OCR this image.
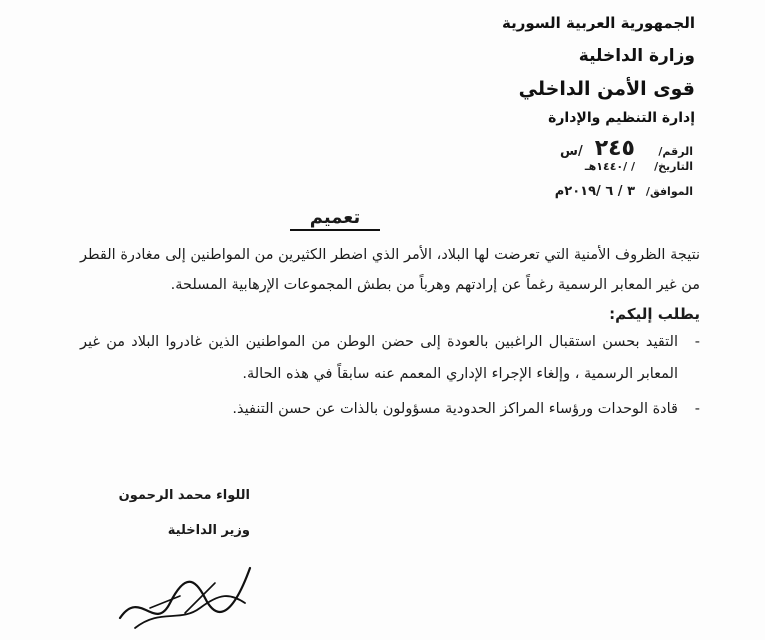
الجمهورية العربية السورية
وزارة الداخلية
قوى الأمن الداخلي
إدارة التنظيم والإدارة
الرقم/
٢٤٥
/س
التاريخ/
/ /١٤٤٠هـ
الموافق/
٣ / ٦ /٢٠١٩م
تعميم

نتيجة الظروف الأمنية التي تعرضت لها البلاد، الأمر الذي اضطر الكثيرين من المواطنين إلى مغادرة القطر من غير المعابر الرسمية رغماً عن إرادتهم وهرباً من بطش المجموعات الإرهابية المسلحة.

يطلب إليكم:

-
التقيد بحسن استقبال الراغبين بالعودة إلى حضن الوطن من المواطنين الذين غادروا البلاد من غير المعابر الرسمية ، وإلغاء الإجراء الإداري المعمم عنه سابقاً في هذه الحالة.
-
قادة الوحدات ورؤساء المراكز الحدودية مسؤولون بالذات عن حسن التنفيذ.
اللواء محمد الرحمون
وزير الداخلية
